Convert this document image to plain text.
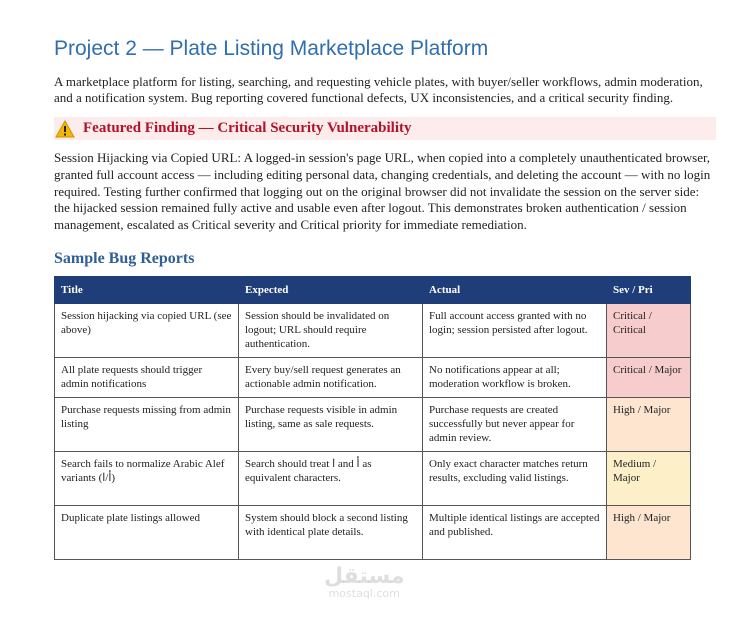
Project 2 — Plate Listing Marketplace Platform

A marketplace platform for listing, searching, and requesting vehicle plates, with buyer/seller workflows, admin moderation, and a notification system. Bug reporting covered functional defects, UX inconsistencies, and a critical security finding.

Featured Finding — Critical Security Vulnerability

Session Hijacking via Copied URL: A logged-in session's page URL, when copied into a completely unauthenticated browser, granted full account access — including editing personal data, changing credentials, and deleting the account — with no login required. Testing further confirmed that logging out on the original browser did not invalidate the session on the server side: the hijacked session remained fully active and usable even after logout. This demonstrates broken authentication / session management, escalated as Critical severity and Critical priority for immediate remediation.

Sample Bug Reports
Title	Expected	Actual	Sev / Pri
Session hijacking via copied URL (see above)	Session should be invalidated on logout; URL should require authentication.	Full account access granted with no login; session persisted after logout.	Critical / Critical
All plate requests should trigger admin notifications	Every buy/sell request generates an actionable admin notification.	No notifications appear at all; moderation workflow is broken.	Critical / Major
Purchase requests missing from admin listing	Purchase requests visible in admin listing, same as sale requests.	Purchase requests are created successfully but never appear for admin review.	High / Major
Search fails to normalize Arabic Alef variants (أ/ا)	Search should treat ا and أ as equivalent characters.	Only exact character matches return results, excluding valid listings.	Medium / Major
Duplicate plate listings allowed	System should block a second listing with identical plate details.	Multiple identical listings are accepted and published.	High / Major
مستقل
mostaql.com
